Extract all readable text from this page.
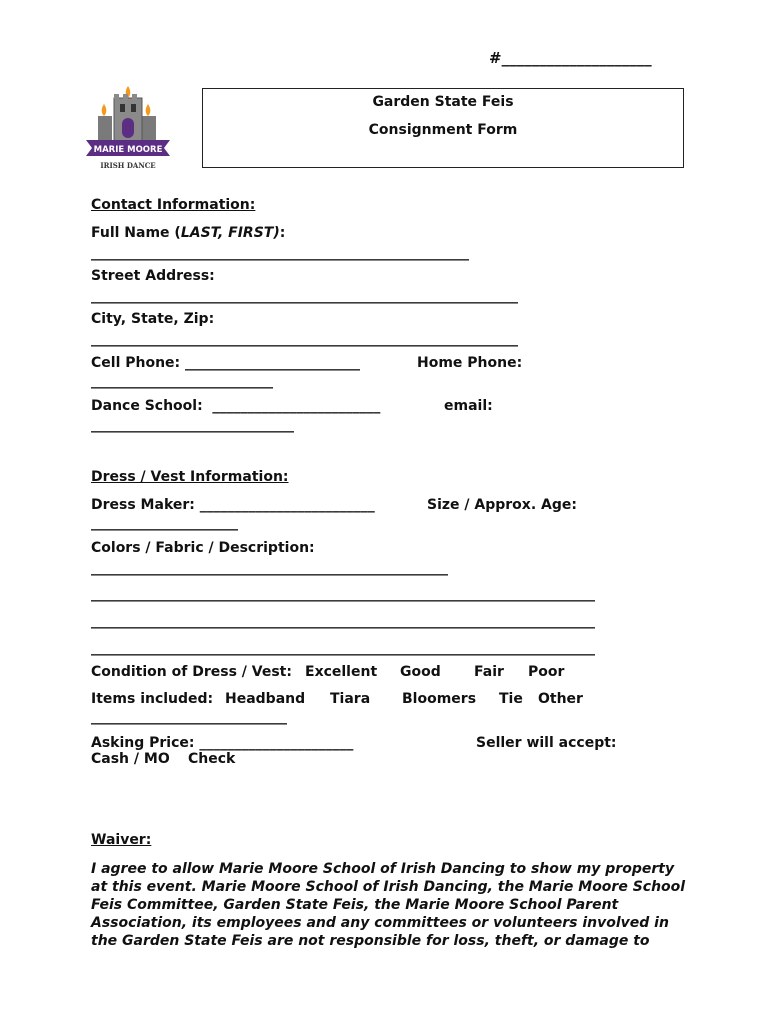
#____________________
MARIE MOORE
IRISH DANCE
Garden State Feis
Consignment Form
Contact Information:
Full Name (LAST, FIRST):
______________________________________________________
Street Address:
_____________________________________________________________
City, State, Zip:
_____________________________________________________________
Cell Phone: _________________________	Home Phone:
__________________________
Dance School:  ________________________	email:
_____________________________
Dress / Vest Information:
Dress Maker: _________________________	Size / Approx. Age:
_____________________
Colors / Fabric / Description:
___________________________________________________
________________________________________________________________________
________________________________________________________________________
________________________________________________________________________
Condition of Dress / Vest: Excellent Good Fair Poor
Items included: Headband Tiara Bloomers Tie Other
____________________________
Asking Price: ______________________	Seller will accept:
Cash / MO Check
Waiver:
I agree to allow Marie Moore School of Irish Dancing to show my property at this event. Marie Moore School of Irish Dancing, the Marie Moore School Feis Committee, Garden State Feis, the Marie Moore School Parent Association, its employees and any committees or volunteers involved in the Garden State Feis are not responsible for loss, theft, or damage to
